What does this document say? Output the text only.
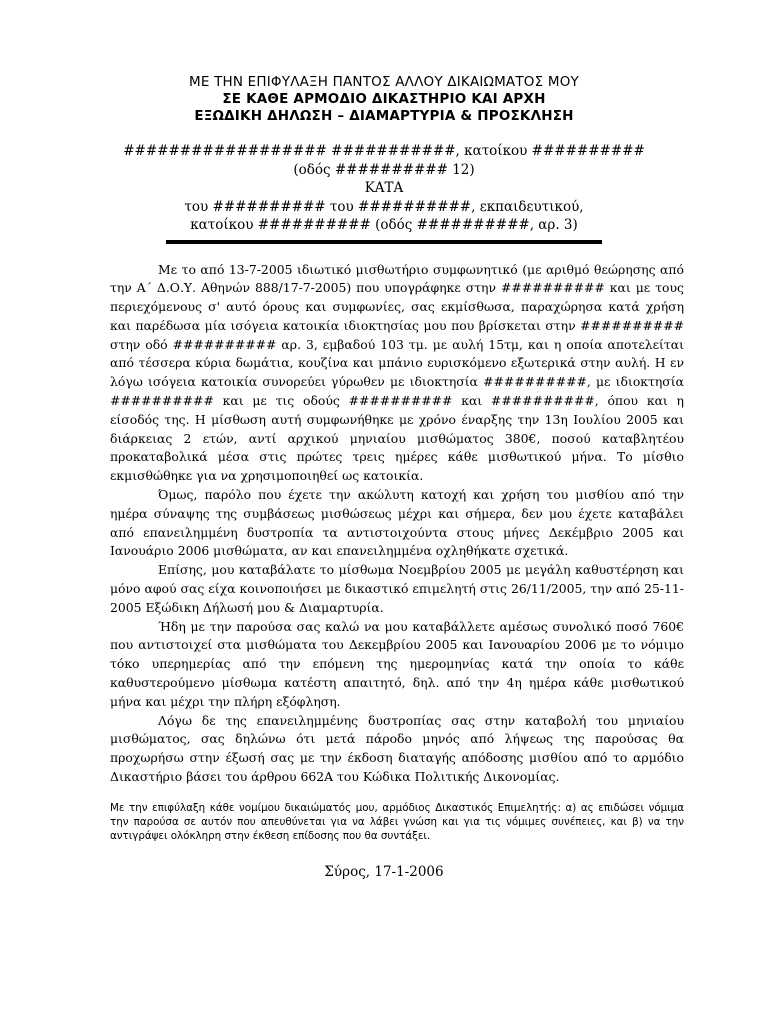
ΜΕ ΤΗΝ ΕΠΙΦΥΛΑΞΗ ΠΑΝΤΟΣ ΑΛΛΟΥ ΔΙΚΑΙΩΜΑΤΟΣ ΜΟΥ
ΣΕ ΚΑΘΕ ΑΡΜΟΔΙΟ ΔΙΚΑΣΤΗΡΙΟ ΚΑΙ ΑΡΧΗ
ΕΞΩΔΙΚΗ ΔΗΛΩΣΗ – ΔΙΑΜΑΡΤΥΡΙΑ & ΠΡΟΣΚΛΗΣΗ
################## ###########, κατοίκου ##########
(οδός ########## 12)
ΚΑΤΑ
του ########## του ##########, εκπαιδευτικού,
κατοίκου ########## (οδός ##########, αρ. 3)

Με το από 13-7-2005 ιδιωτικό μισθωτήριο συμφωνητικό (με αριθμό θεώρησης από την Α΄ Δ.Ο.Υ. Αθηνών 888/17-7-2005) που υπογράφηκε στην ########## και με τους περιεχόμενους σ' αυτό όρους και συμφωνίες, σας εκμίσθωσα, παραχώρησα κατά χρήση και παρέδωσα μία ισόγεια κατοικία ιδιοκτησίας μου που βρίσκεται στην ########## στην οδό ########## αρ. 3, εμβαδού 103 τμ. με αυλή 15τμ, και η οποία αποτελείται από τέσσερα κύρια δωμάτια, κουζίνα και μπάνιο ευρισκόμενο εξωτερικά στην αυλή. Η εν λόγω ισόγεια κατοικία συνορεύει γύρωθεν με ιδιοκτησία ##########, με ιδιοκτησία ########## και με τις οδούς ########## και ##########, όπου και η είσοδός της. Η μίσθωση αυτή συμφωνήθηκε με χρόνο έναρξης την 13η Ιουλίου 2005 και διάρκειας 2 ετών, αντί αρχικού μηνιαίου μισθώματος 380€, ποσού καταβλητέου προκαταβολικά μέσα στις πρώτες τρεις ημέρες κάθε μισθωτικού μήνα. Το μίσθιο εκμισθώθηκε για να χρησιμοποιηθεί ως κατοικία.

Όμως, παρόλο που έχετε την ακώλυτη κατοχή και χρήση του μισθίου από την ημέρα σύναψης της συμβάσεως μισθώσεως μέχρι και σήμερα, δεν μου έχετε καταβάλει από επανειλημμένη δυστροπία τα αντιστοιχούντα στους μήνες Δεκέμβριο 2005 και Ιανουάριο 2006 μισθώματα, αν και επανειλημμένα οχληθήκατε σχετικά.

Επίσης, μου καταβάλατε το μίσθωμα Νοεμβρίου 2005 με μεγάλη καθυστέρηση και μόνο αφού σας είχα κοινοποιήσει με δικαστικό επιμελητή στις 26/11/2005, την από 25-11-2005 Εξώδικη Δήλωσή μου & Διαμαρτυρία.

Ήδη με την παρούσα σας καλώ να μου καταβάλλετε αμέσως συνολικό ποσό 760€ που αντιστοιχεί στα μισθώματα του Δεκεμβρίου 2005 και Ιανουαρίου 2006 με το νόμιμο τόκο υπερημερίας από την επόμενη της ημερομηνίας κατά την οποία το κάθε καθυστερούμενο μίσθωμα κατέστη απαιτητό, δηλ. από την 4η ημέρα κάθε μισθωτικού μήνα και μέχρι την πλήρη εξόφληση.

Λόγω δε της επανειλημμένης δυστροπίας σας στην καταβολή του μηνιαίου μισθώματος, σας δηλώνω ότι μετά πάροδο μηνός από λήψεως της παρούσας θα προχωρήσω στην έξωσή σας με την έκδοση διαταγής απόδοσης μισθίου από το αρμόδιο Δικαστήριο βάσει του άρθρου 662Α του Κώδικα Πολιτικής Δικονομίας.

Με την επιφύλαξη κάθε νομίμου δικαιώματός μου, αρμόδιος Δικαστικός Επιμελητής: α) ας επιδώσει νόμιμα την παρούσα σε αυτόν που απευθύνεται για να λάβει γνώση και για τις νόμιμες συνέπειες, και β) να την αντιγράψει ολόκληρη στην έκθεση επίδοσης που θα συντάξει.
Σύρος, 17-1-2006
